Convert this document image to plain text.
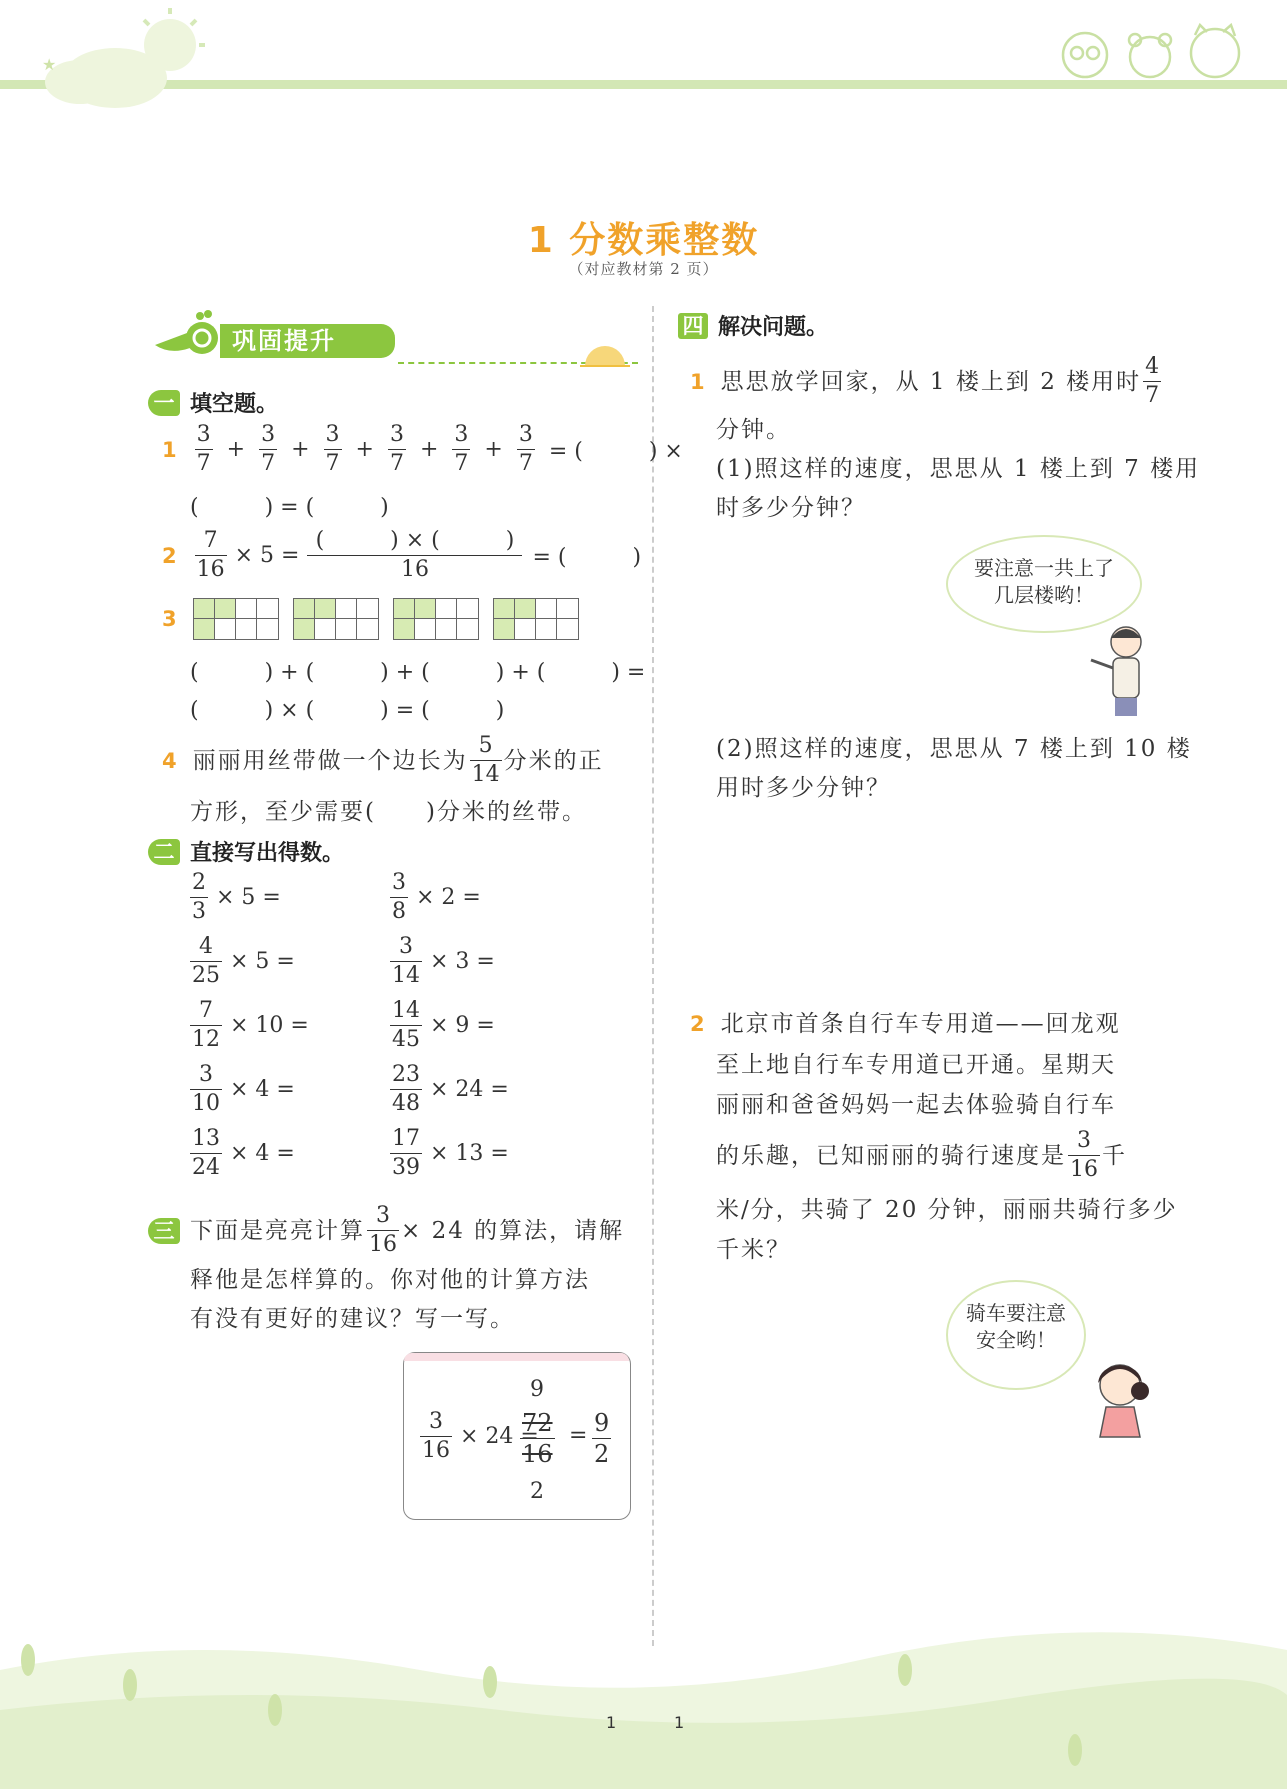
★
1 分数乘整数
（对应教材第 2 页）
巩固提升
一 填空题。
$1 \frac{3}{7} + \frac{3}{7} + \frac{3}{7} + \frac{3}{7} + \frac{3}{7} + \frac{3}{7}$ = (　　　) ×
(　　　) = (　　　)
$2 \frac{7}{16} \times 5 = \frac{( ) \times ( )}{16}$ = (　　　)
3
(　　　) + (　　　) + (　　　) + (　　　) =
(　　　) × (　　　) = (　　　)
4 丽丽用丝带做一个边长为 $\frac{5}{14}$ 分米的正
方形，至少需要(　　)分米的丝带。
二 直接写出得数。
$\frac{2}{3} \times 5$ =	$\frac{3}{8} \times 2$ =
$\frac{4}{25} \times 5$ =	$\frac{3}{14} \times 3$ =
$\frac{7}{12} \times 10$ =	$\frac{14}{45} \times 9$ =
$\frac{3}{10} \times 4$ =	$\frac{23}{48} \times 24$ =
$\frac{13}{24} \times 4$ =	$\frac{17}{39} \times 13$ =
三 下面是亮亮计算 $\frac{3}{16} \times 24$ 的算法，请解
释他是怎样算的。你对他的计算方法
有没有更好的建议？写一写。
$\frac{3}{16} \times 24$ =
9
$\frac{72}{16}$
2
= $\frac{9}{2}$
四 解决问题。
1 思思放学回家，从 1 楼上到 2 楼用时 $\frac{4}{7}$
分钟。
(1)照这样的速度，思思从 1 楼上到 7 楼用
时多少分钟？
要注意一共上了
几层楼哟！
(2)照这样的速度，思思从 7 楼上到 10 楼
用时多少分钟？
2 北京市首条自行车专用道——回龙观
至上地自行车专用道已开通。星期天
丽丽和爸爸妈妈一起去体验骑自行车
的乐趣，已知丽丽的骑行速度是 $\frac{3}{16}$ 千
米/分，共骑了 20 分钟，丽丽共骑行多少
千米？
骑车要注意
安全哟！
1	1
